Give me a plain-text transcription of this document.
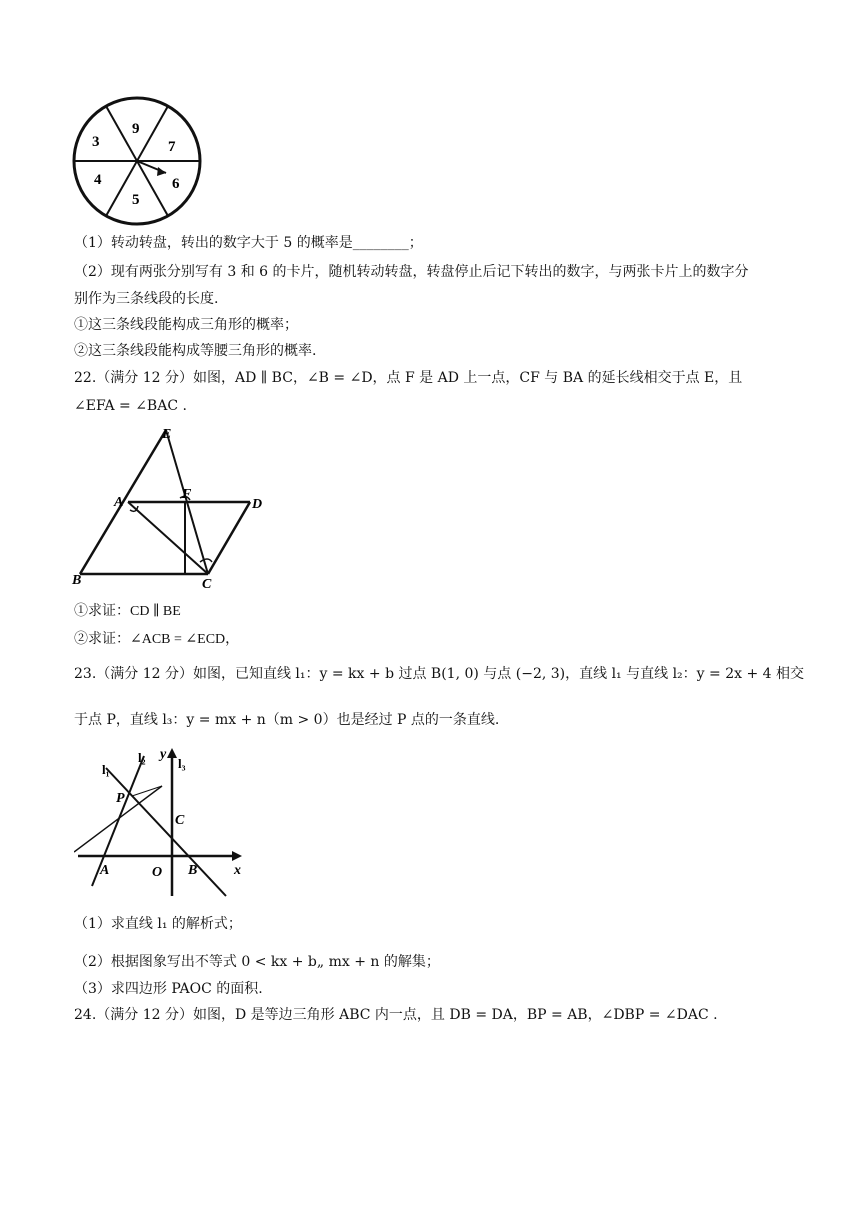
3
9
7
4
5
6
（1）转动转盘，转出的数字大于 5 的概率是________；
（2）现有两张分别写有 3 和 6 的卡片，随机转动转盘，转盘停止后记下转出的数字，与两张卡片上的数字分
别作为三条线段的长度.
①这三条线段能构成三角形的概率；
②这三条线段能构成等腰三角形的概率.
22.（满分 12 分）如图，AD ∥ BC，∠B = ∠D，点 F 是 AD 上一点，CF 与 BA 的延长线相交于点 E，且
∠EFA = ∠BAC .
E
A
F
D
B	C
①求证：CD ∥ BE
②求证：∠ACB = ∠ECD，
23.（满分 12 分）如图，已知直线 l₁：y = kx + b 过点 B(1, 0) 与点 (−2, 3)，直线 l₁ 与直线 l₂：y = 2x + 4 相交
于点 P，直线 l₃：y = mx + n（m > 0）也是经过 P 点的一条直线.
l₁
l₂ y
l₃
P
C
A	O B	x
（1）求直线 l₁ 的解析式；
（2）根据图象写出不等式 0 < kx + b„ mx + n 的解集；
（3）求四边形 PAOC 的面积.
24.（满分 12 分）如图，D 是等边三角形 ABC 内一点，且 DB = DA，BP = AB，∠DBP = ∠DAC .
